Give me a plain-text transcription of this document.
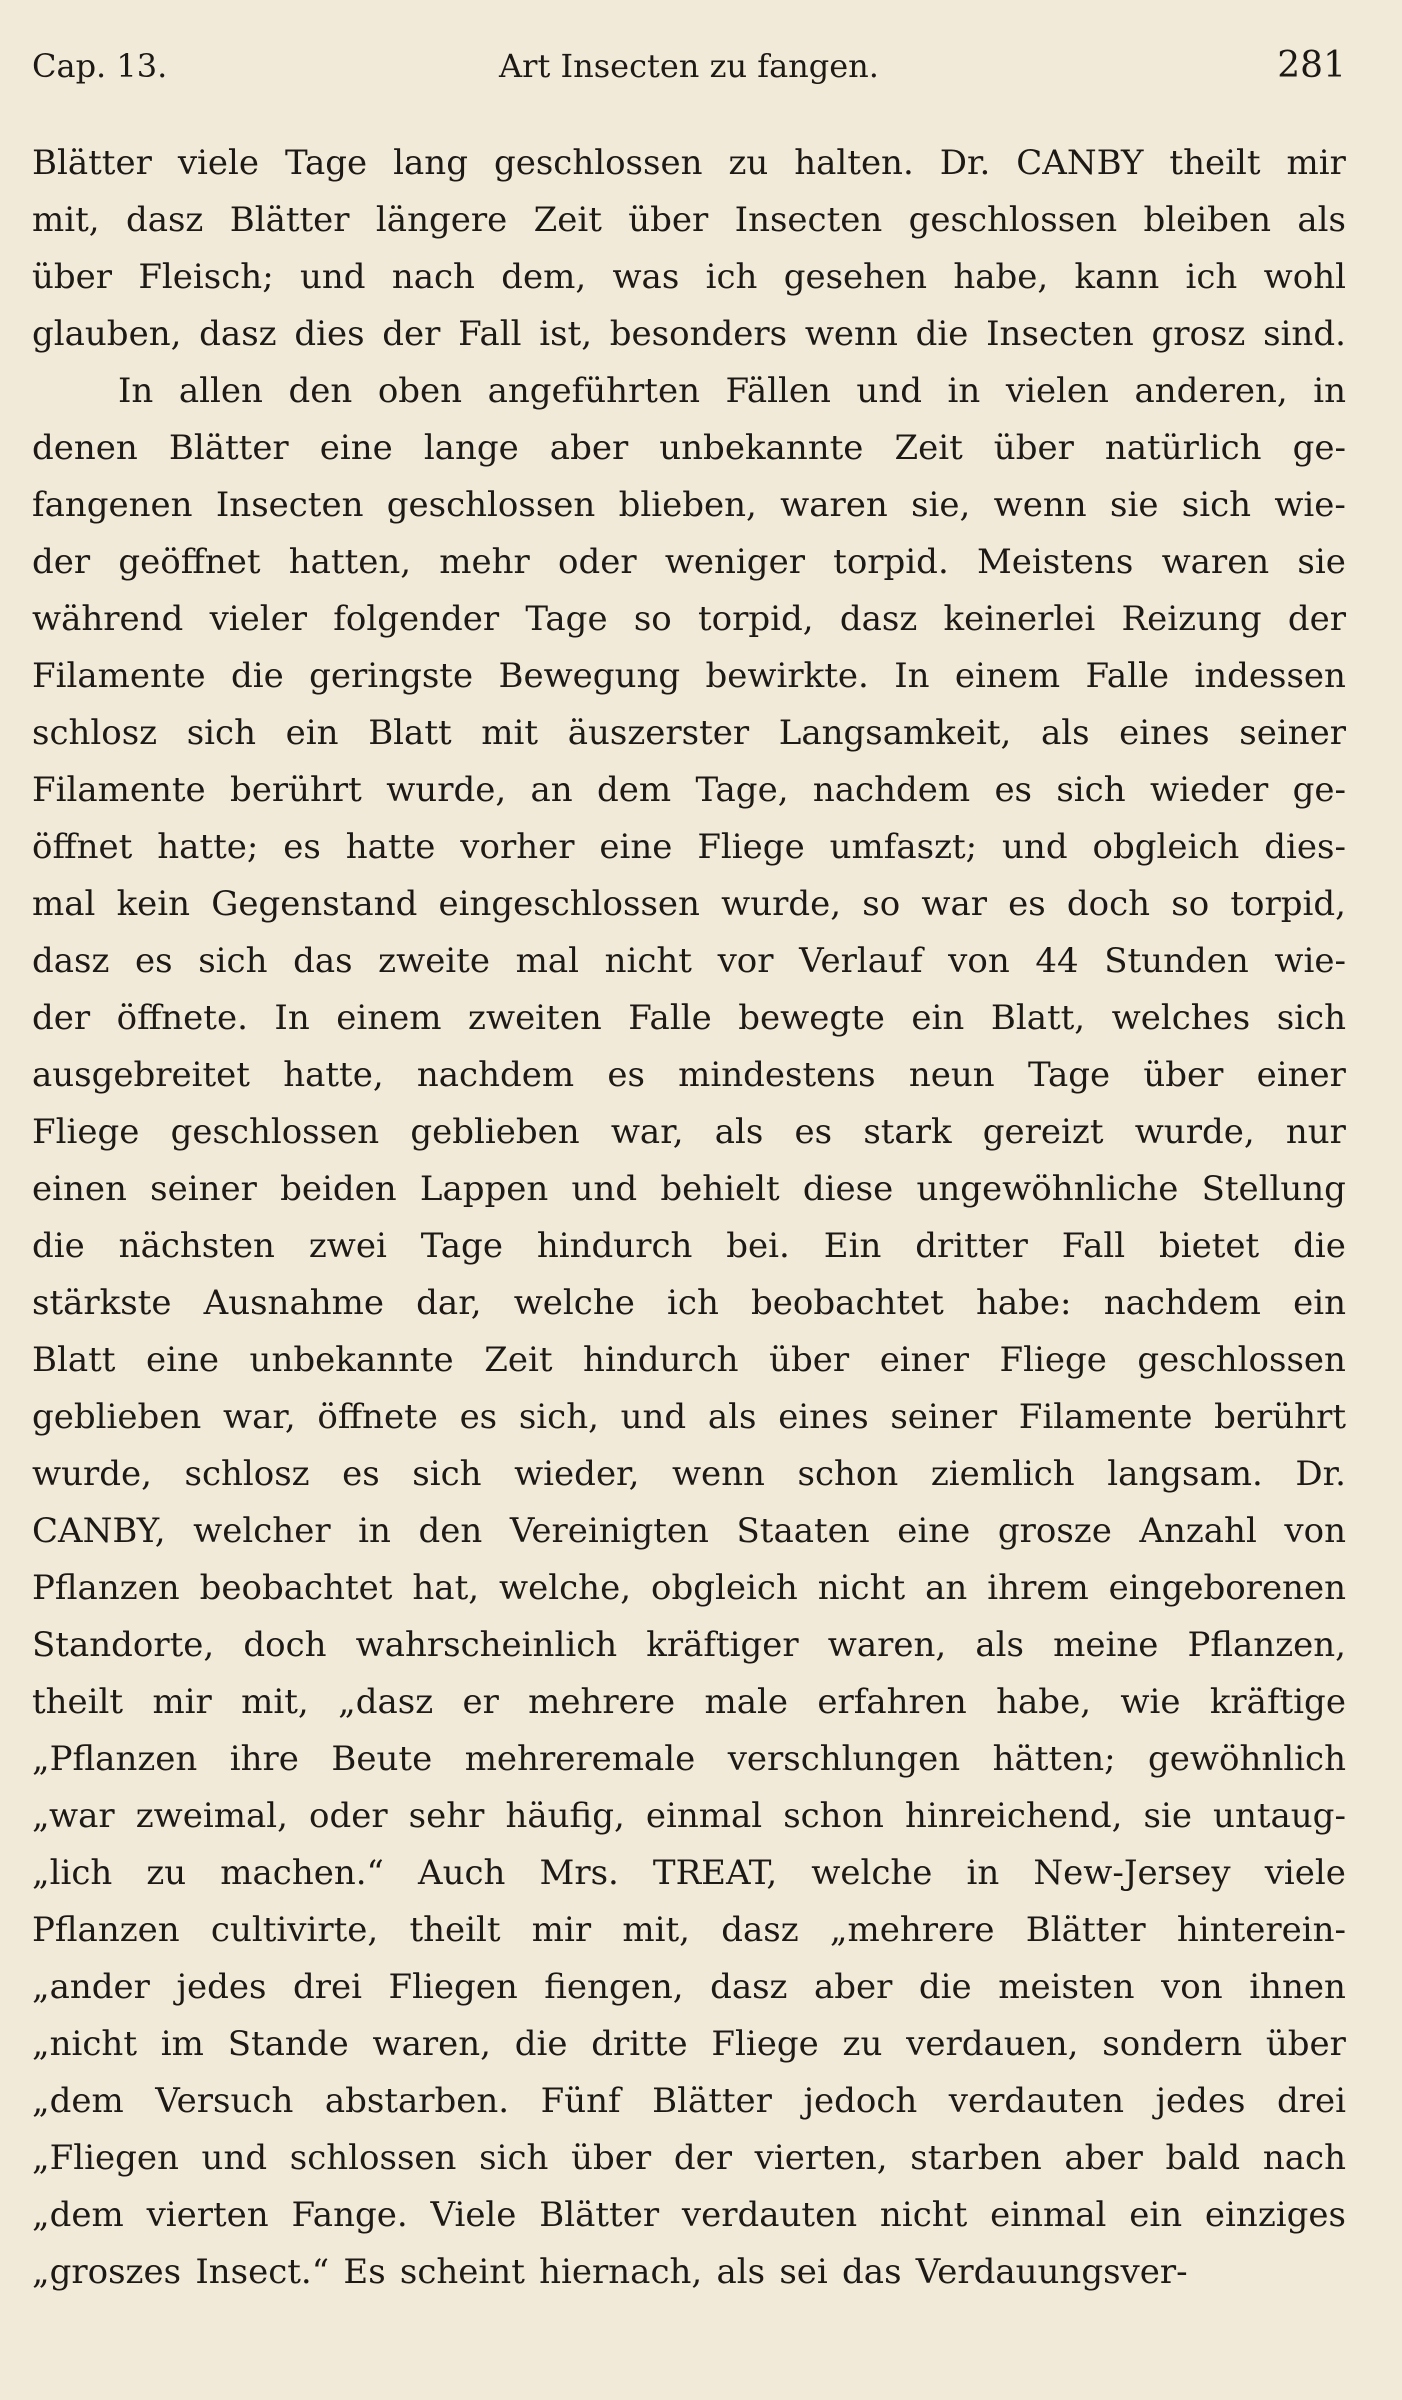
Cap. 13.	Art Insecten zu fangen.	281
Blätter viele Tage lang geschlossen zu halten. Dr. CANBY theilt mir
mit, dasz Blätter längere Zeit über Insecten geschlossen bleiben als
über Fleisch; und nach dem, was ich gesehen habe, kann ich wohl
glauben, dasz dies der Fall ist, besonders wenn die Insecten grosz sind.
In allen den oben angeführten Fällen und in vielen anderen, in
denen Blätter eine lange aber unbekannte Zeit über natürlich ge-
fangenen Insecten geschlossen blieben, waren sie, wenn sie sich wie-
der geöffnet hatten, mehr oder weniger torpid. Meistens waren sie
während vieler folgender Tage so torpid, dasz keinerlei Reizung der
Filamente die geringste Bewegung bewirkte. In einem Falle indessen
schlosz sich ein Blatt mit äuszerster Langsamkeit, als eines seiner
Filamente berührt wurde, an dem Tage, nachdem es sich wieder ge-
öffnet hatte; es hatte vorher eine Fliege umfaszt; und obgleich dies-
mal kein Gegenstand eingeschlossen wurde, so war es doch so torpid,
dasz es sich das zweite mal nicht vor Verlauf von 44 Stunden wie-
der öffnete. In einem zweiten Falle bewegte ein Blatt, welches sich
ausgebreitet hatte, nachdem es mindestens neun Tage über einer
Fliege geschlossen geblieben war, als es stark gereizt wurde, nur
einen seiner beiden Lappen und behielt diese ungewöhnliche Stellung
die nächsten zwei Tage hindurch bei. Ein dritter Fall bietet die
stärkste Ausnahme dar, welche ich beobachtet habe: nachdem ein
Blatt eine unbekannte Zeit hindurch über einer Fliege geschlossen
geblieben war, öffnete es sich, und als eines seiner Filamente berührt
wurde, schlosz es sich wieder, wenn schon ziemlich langsam. Dr.
CANBY, welcher in den Vereinigten Staaten eine grosze Anzahl von
Pflanzen beobachtet hat, welche, obgleich nicht an ihrem eingeborenen
Standorte, doch wahrscheinlich kräftiger waren, als meine Pflanzen,
theilt mir mit, „dasz er mehrere male erfahren habe, wie kräftige
„Pflanzen ihre Beute mehreremale verschlungen hätten; gewöhnlich
„war zweimal, oder sehr häufig, einmal schon hinreichend, sie untaug-
„lich zu machen.“ Auch Mrs. TREAT, welche in New-Jersey viele
Pflanzen cultivirte, theilt mir mit, dasz „mehrere Blätter hinterein-
„ander jedes drei Fliegen fiengen, dasz aber die meisten von ihnen
„nicht im Stande waren, die dritte Fliege zu verdauen, sondern über
„dem Versuch abstarben. Fünf Blätter jedoch verdauten jedes drei
„Fliegen und schlossen sich über der vierten, starben aber bald nach
„dem vierten Fange. Viele Blätter verdauten nicht einmal ein einziges
„groszes Insect.“ Es scheint hiernach, als sei das Verdauungsver-
